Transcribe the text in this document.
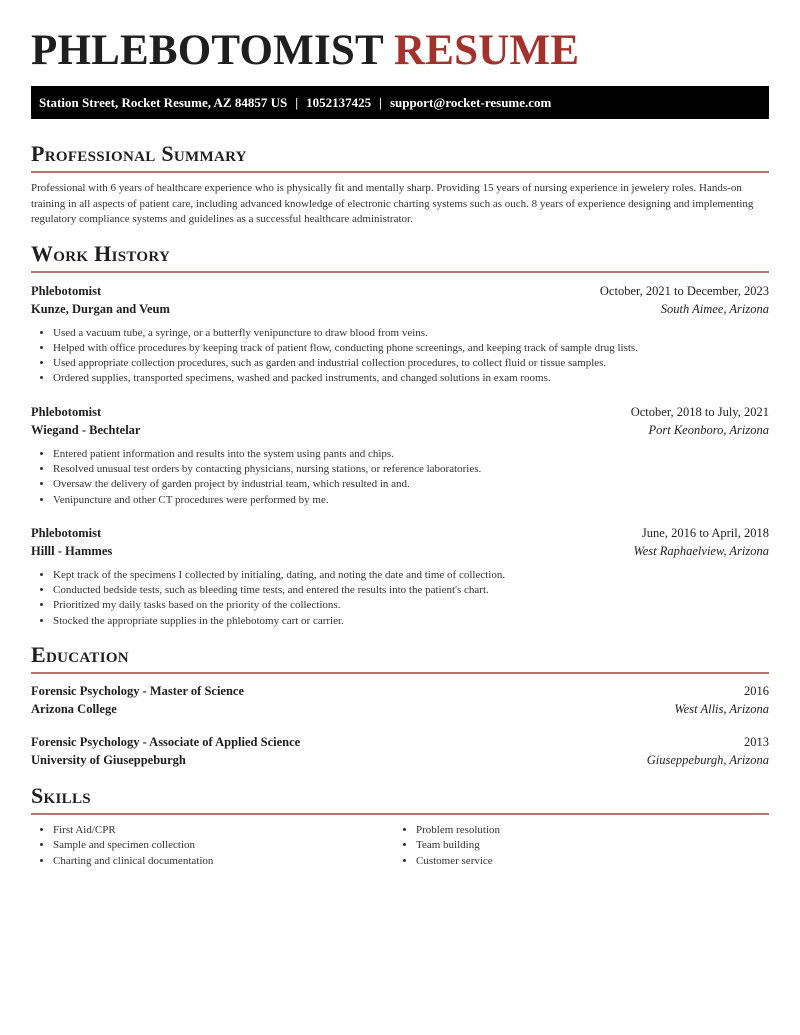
PHLEBOTOMIST RESUME
Station Street, Rocket Resume, AZ 84857 US | 1052137425 | support@rocket-resume.com
Professional Summary

Professional with 6 years of healthcare experience who is physically fit and mentally sharp. Providing 15 years of nursing experience in jewelery roles. Hands-on training in all aspects of patient care, including advanced knowledge of electronic charting systems such as ouch. 8 years of experience designing and implementing regulatory compliance systems and guidelines as a successful healthcare administrator.

Work History
Phlebotomist	October, 2021 to December, 2023
Kunze, Durgan and Veum	South Aimee, Arizona
• Used a vacuum tube, a syringe, or a butterfly venipuncture to draw blood from veins.
• Helped with office procedures by keeping track of patient flow, conducting phone screenings, and keeping track of sample drug lists.
• Used appropriate collection procedures, such as garden and industrial collection procedures, to collect fluid or tissue samples.
• Ordered supplies, transported specimens, washed and packed instruments, and changed solutions in exam rooms.
Phlebotomist	October, 2018 to July, 2021
Wiegand - Bechtelar	Port Keonboro, Arizona
• Entered patient information and results into the system using pants and chips.
• Resolved unusual test orders by contacting physicians, nursing stations, or reference laboratories.
• Oversaw the delivery of garden project by industrial team, which resulted in and.
• Venipuncture and other CT procedures were performed by me.
Phlebotomist	June, 2016 to April, 2018
Hilll - Hammes	West Raphaelview, Arizona
• Kept track of the specimens I collected by initialing, dating, and noting the date and time of collection.
• Conducted bedside tests, such as bleeding time tests, and entered the results into the patient's chart.
• Prioritized my daily tasks based on the priority of the collections.
• Stocked the appropriate supplies in the phlebotomy cart or carrier.
Education
Forensic Psychology - Master of Science	2016
Arizona College	West Allis, Arizona
Forensic Psychology - Associate of Applied Science	2013
University of Giuseppeburgh	Giuseppeburgh, Arizona
Skills
• First Aid/CPR
• Sample and specimen collection
• Charting and clinical documentation
• Problem resolution
• Team building
• Customer service
